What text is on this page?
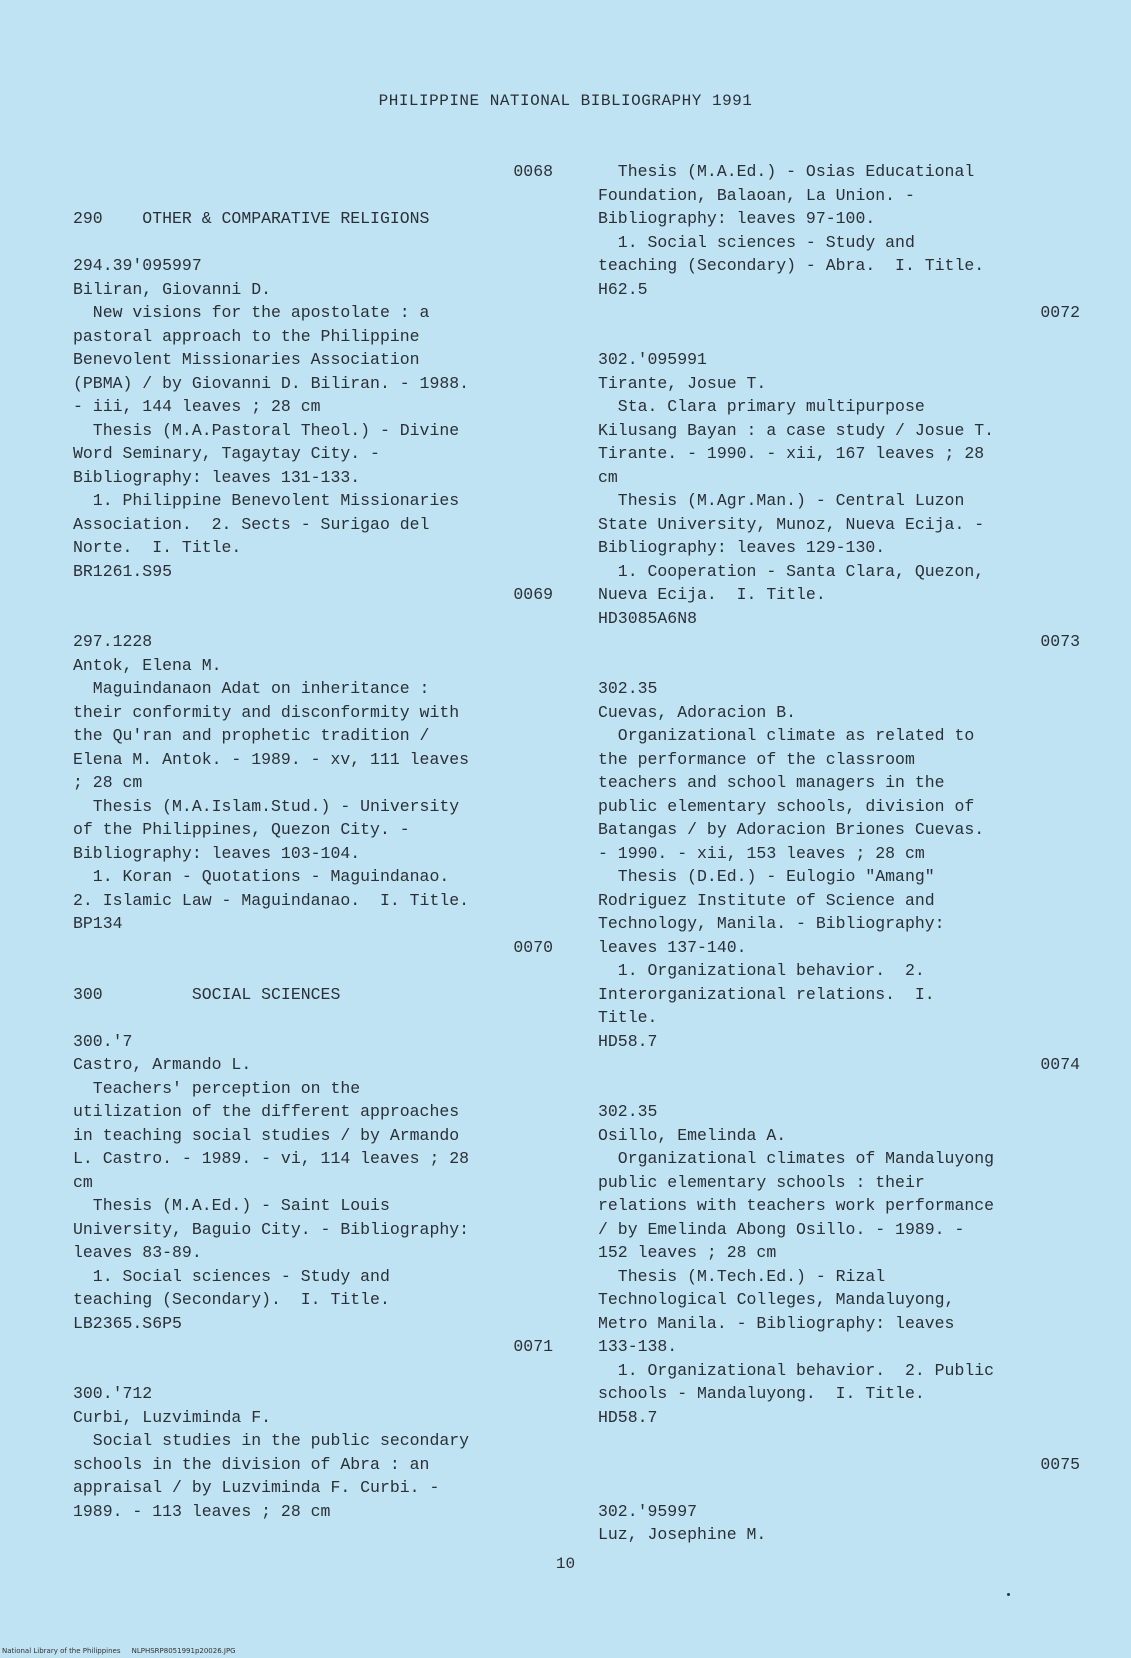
PHILIPPINE NATIONAL BIBLIOGRAPHY 1991
0068
290    OTHER & COMPARATIVE RELIGIONS
294.39'095997
Biliran, Giovanni D.
New visions for the apostolate : a
pastoral approach to the Philippine
Benevolent Missionaries Association
(PBMA) / by Giovanni D. Biliran. - 1988.
- iii, 144 leaves ; 28 cm
Thesis (M.A.Pastoral Theol.) - Divine
Word Seminary, Tagaytay City. -
Bibliography: leaves 131-133.
1. Philippine Benevolent Missionaries
Association.  2. Sects - Surigao del
Norte.  I. Title.
BR1261.S95
0069
297.1228
Antok, Elena M.
Maguindanaon Adat on inheritance :
their conformity and disconformity with
the Qu'ran and prophetic tradition /
Elena M. Antok. - 1989. - xv, 111 leaves
; 28 cm
Thesis (M.A.Islam.Stud.) - University
of the Philippines, Quezon City. -
Bibliography: leaves 103-104.
1. Koran - Quotations - Maguindanao.
2. Islamic Law - Maguindanao.  I. Title.
BP134
0070
300         SOCIAL SCIENCES
300.'7
Castro, Armando L.
Teachers' perception on the
utilization of the different approaches
in teaching social studies / by Armando
L. Castro. - 1989. - vi, 114 leaves ; 28
cm
Thesis (M.A.Ed.) - Saint Louis
University, Baguio City. - Bibliography:
leaves 83-89.
1. Social sciences - Study and
teaching (Secondary).  I. Title.
LB2365.S6P5
0071
300.'712
Curbi, Luzviminda F.
Social studies in the public secondary
schools in the division of Abra : an
appraisal / by Luzviminda F. Curbi. -
1989. - 113 leaves ; 28 cm
Thesis (M.A.Ed.) - Osias Educational
Foundation, Balaoan, La Union. -
Bibliography: leaves 97-100.
1. Social sciences - Study and
teaching (Secondary) - Abra.  I. Title.
H62.5
0072
302.'095991
Tirante, Josue T.
Sta. Clara primary multipurpose
Kilusang Bayan : a case study / Josue T.
Tirante. - 1990. - xii, 167 leaves ; 28
cm
Thesis (M.Agr.Man.) - Central Luzon
State University, Munoz, Nueva Ecija. -
Bibliography: leaves 129-130.
1. Cooperation - Santa Clara, Quezon,
Nueva Ecija.  I. Title.
HD3085A6N8
0073
302.35
Cuevas, Adoracion B.
Organizational climate as related to
the performance of the classroom
teachers and school managers in the
public elementary schools, division of
Batangas / by Adoracion Briones Cuevas.
- 1990. - xii, 153 leaves ; 28 cm
Thesis (D.Ed.) - Eulogio "Amang"
Rodriguez Institute of Science and
Technology, Manila. - Bibliography:
leaves 137-140.
1. Organizational behavior.  2.
Interorganizational relations.  I.
Title.
HD58.7
0074
302.35
Osillo, Emelinda A.
Organizational climates of Mandaluyong
public elementary schools : their
relations with teachers work performance
/ by Emelinda Abong Osillo. - 1989. -
152 leaves ; 28 cm
Thesis (M.Tech.Ed.) - Rizal
Technological Colleges, Mandaluyong,
Metro Manila. - Bibliography: leaves
133-138.
1. Organizational behavior.  2. Public
schools - Mandaluyong.  I. Title.
HD58.7
0075
302.'95997
Luz, Josephine M.
10
National Library of the Philippines     NLPHSRP8051991p20026.JPG
